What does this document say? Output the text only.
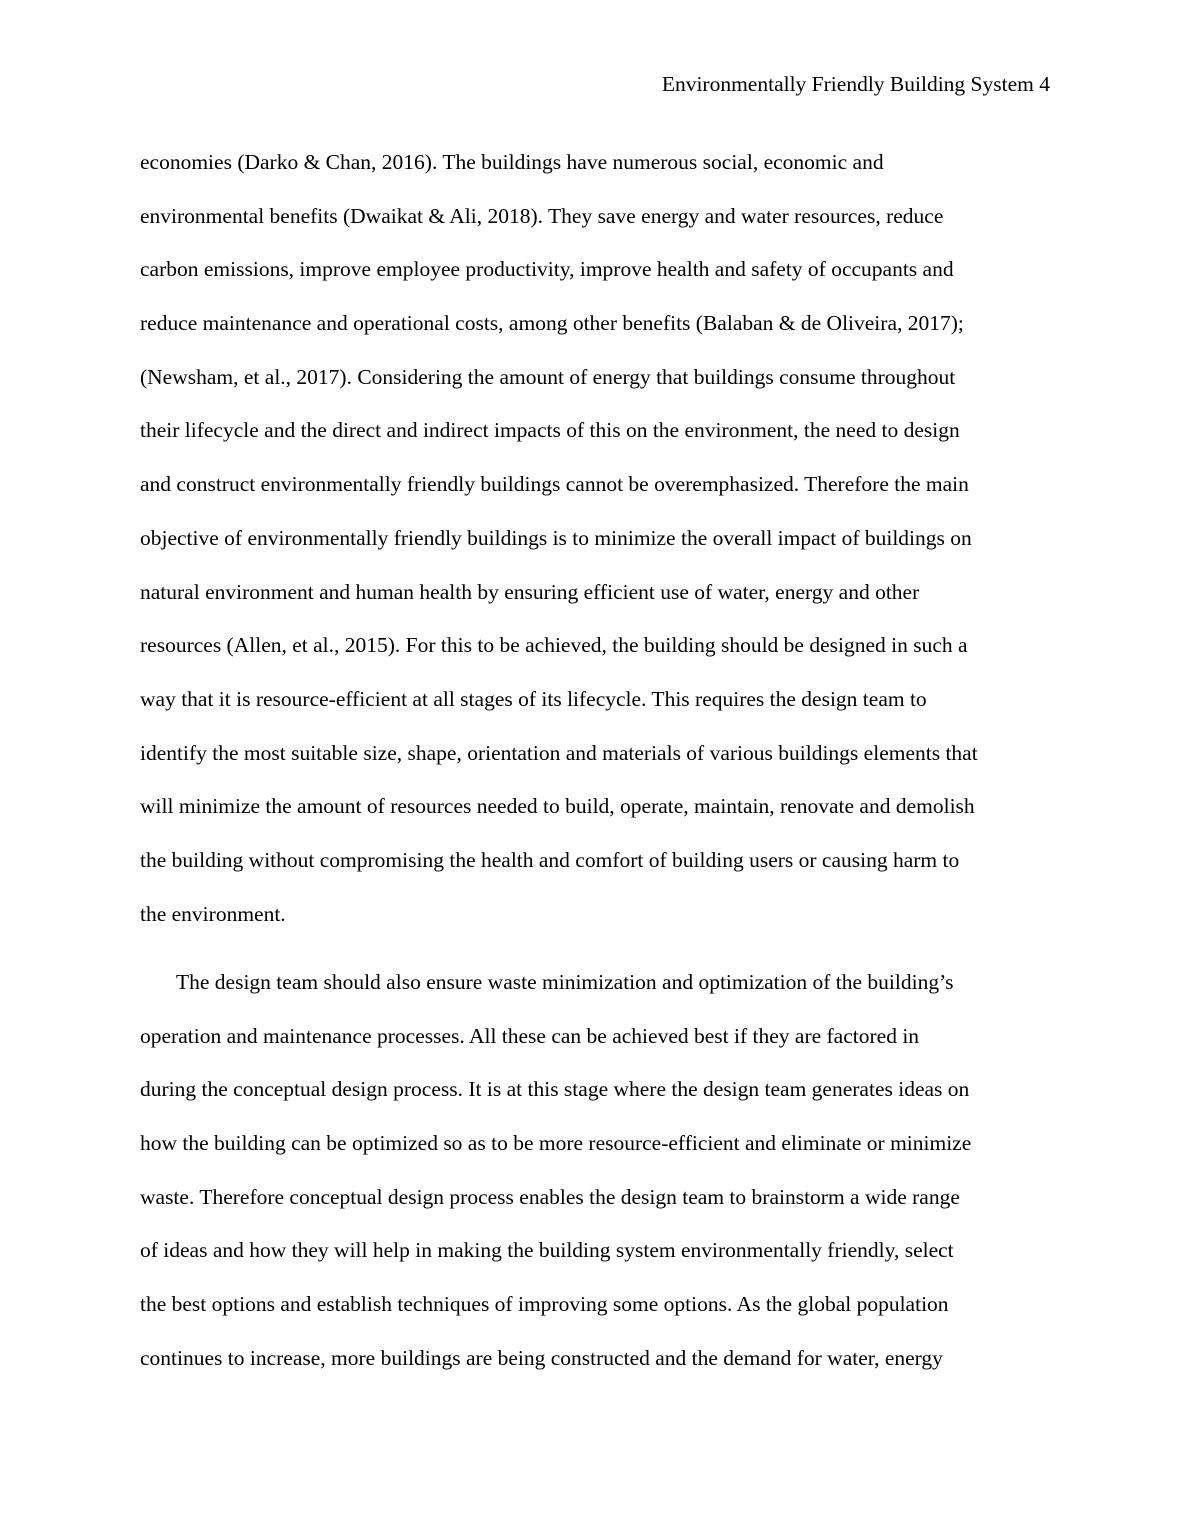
Environmentally Friendly Building System 4
economies (Darko & Chan, 2016). The buildings have numerous social, economic and
environmental benefits (Dwaikat & Ali, 2018). They save energy and water resources, reduce
carbon emissions, improve employee productivity, improve health and safety of occupants and
reduce maintenance and operational costs, among other benefits (Balaban & de Oliveira, 2017);
(Newsham, et al., 2017). Considering the amount of energy that buildings consume throughout
their lifecycle and the direct and indirect impacts of this on the environment, the need to design
and construct environmentally friendly buildings cannot be overemphasized. Therefore the main
objective of environmentally friendly buildings is to minimize the overall impact of buildings on
natural environment and human health by ensuring efficient use of water, energy and other
resources (Allen, et al., 2015). For this to be achieved, the building should be designed in such a
way that it is resource-efficient at all stages of its lifecycle. This requires the design team to
identify the most suitable size, shape, orientation and materials of various buildings elements that
will minimize the amount of resources needed to build, operate, maintain, renovate and demolish
the building without compromising the health and comfort of building users or causing harm to
the environment.
The design team should also ensure waste minimization and optimization of the building’s
operation and maintenance processes. All these can be achieved best if they are factored in
during the conceptual design process. It is at this stage where the design team generates ideas on
how the building can be optimized so as to be more resource-efficient and eliminate or minimize
waste. Therefore conceptual design process enables the design team to brainstorm a wide range
of ideas and how they will help in making the building system environmentally friendly, select
the best options and establish techniques of improving some options. As the global population
continues to increase, more buildings are being constructed and the demand for water, energy
